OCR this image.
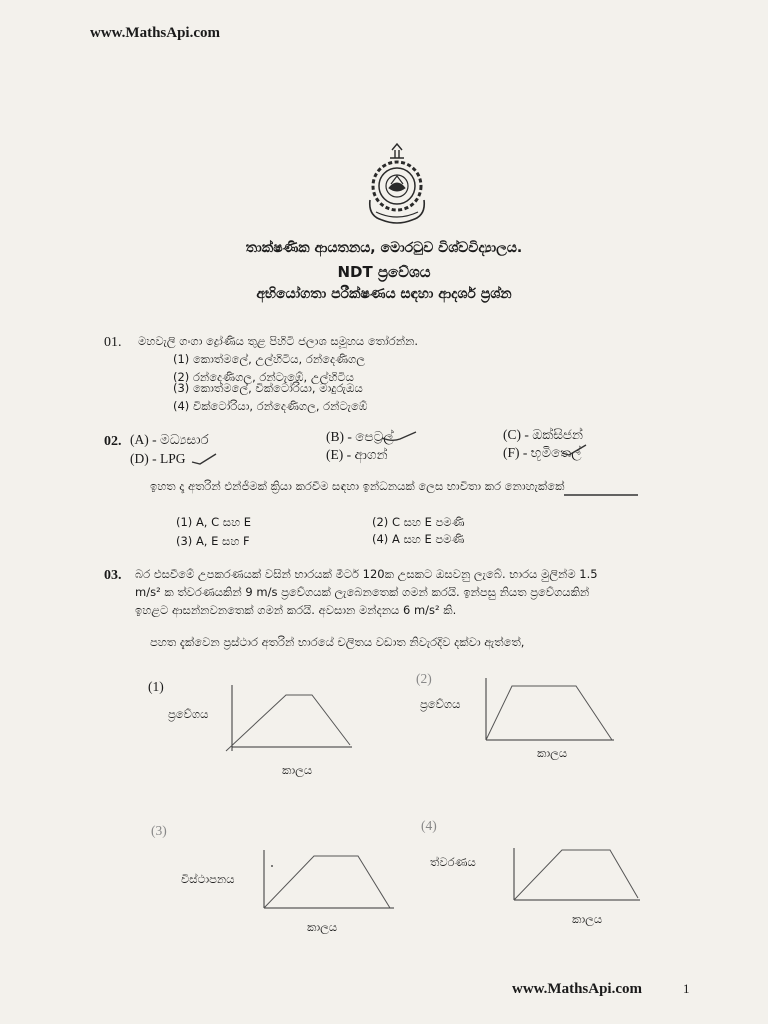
www.MathsApi.com
තාක්ෂණික ආයතනය, මොරටුව විශ්වවිද්‍යාලය.
NDT ප්‍රවේශය
අභියෝගතා පරීක්ෂණය සඳහා ආදර්ශ ප්‍රශ්න
01. මහවැලි ගංගා ද්‍රෝණිය තුළ පිහිටි ජලාශ සමූහය තෝරන්න.
(1) කොත්මලේ, උල්හිටිය, රන්දෙණිගල
(2) රන්දෙණිගල, රන්ටැඹේ, උල්හිටිය
(3) කොත්මලේ, වික්ටෝරියා, මාදුරුඔය
(4) වික්ටෝරියා, රන්දෙණිගල, රන්ටැඹේ
02. (A) - මධ්‍යසාර	(B) - පෙට්‍රල්	(C) - ඔක්සිජන්
(D) - LPG	(E) - ආගන්	(F) - භූමිතෙල්
ඉහත දෑ අතරින් එන්ජිමක් ක්‍රියා කරවීම සඳහා ඉන්ධනයක් ලෙස භාවිතා කර නොහැක්කේ
(1) A, C සහ E	(2) C සහ E පමණි
(3) A, E සහ F	(4) A සහ E පමණි
03. බර එසවීමේ උපකරණයක් වසින් භාරයක් මීටර් 120ක උසකට ඔසවනු ලැබේ. භාරය මුලින්ම 1.5
m/s² ක ත්වරණයකින් 9 m/s ප්‍රවේගයක් ලැබෙනතෙක් ගමන් කරයි. ඉන්පසු නියත ප්‍රවේගයකින්
ඉහළට ආසන්නවනතෙක් ගමන් කරයි. අවසාන මන්දනය 6 m/s² කි.
පහත දැක්වෙන ප්‍රස්ථාර අතරින් භාරයේ චලිතය වඩාත නිවැරදිව දක්වා ඇත්තේ,
(1)
ප්‍රවේගය
කාලය
(2)
ප්‍රවේගය
කාලය
(3)
විස්ථාපනය
කාලය
(4)
ත්වරණය
කාලය
www.MathsApi.com	1
